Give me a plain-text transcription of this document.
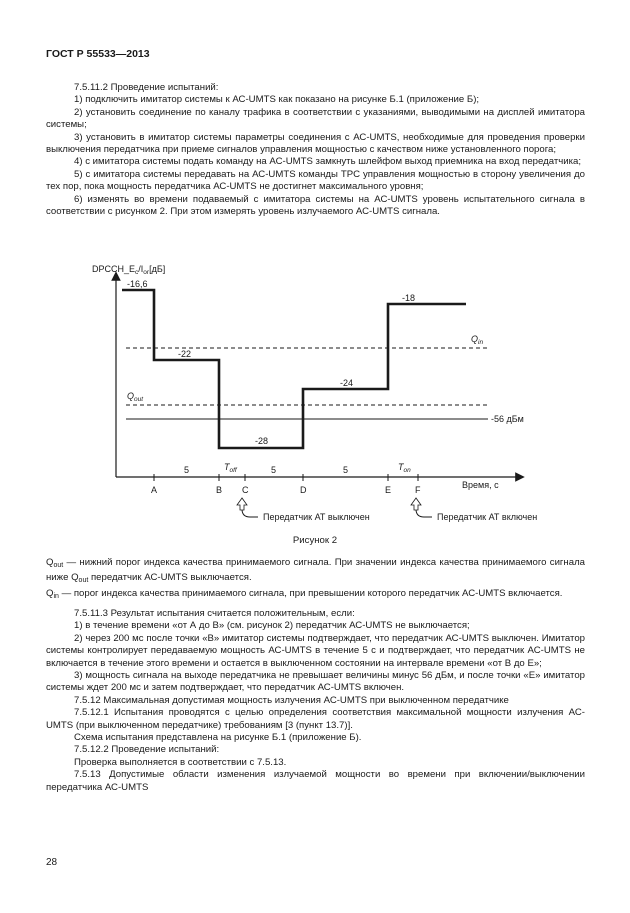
ГОСТ Р 55533—2013

7.5.11.2 Проведение испытаний:

1) подключить имитатор системы к АС-UMTS как показано на рисунке Б.1 (приложение Б);

2) установить соединение по каналу трафика в соответствии с указаниями, выводимыми на дисплей имитатора системы;

3) установить в имитатор системы параметры соединения с АС-UMTS, необходимые для проведения проверки выключения передатчика при приеме сигналов управления мощностью с качеством ниже установленного порога;

4) с имитатора системы подать команду на АС-UMTS замкнуть шлейфом выход приемника на вход передатчика;

5) с имитатора системы передавать на АС-UMTS команды TPC управления мощностью в сторону увеличения до тех пор, пока мощность передатчика АС-UMTS не достигнет максимального уровня;

6) изменять во времени подаваемый с имитатора системы на АС-UMTS уровень испытательного сигнала в соответствии с рисунком 2. При этом измерять уровень излучаемого АС-UMTS сигнала.

$DPCCH\_E_c/I_{or}[дБ]$
$Q_{in}$
$Q_{out}$
-56 дБм
-16,6
-22
-28
-24
-18
A	B C	D	E	F
5	5	5
$T_{off}$	$T_{on}$
Время, с
Передатчик АТ выключен	Передатчик АТ включен
Рисунок 2

$Q_{out}$ — нижний порог индекса качества принимаемого сигнала. При значении индекса качества принимаемого сигнала ниже $Q_{out}$ передатчик АС-UMTS выключается.

$Q_{in}$ — порог индекса качества принимаемого сигнала, при превышении которого передатчик АС-UMTS включается.

7.5.11.3 Результат испытания считается положительным, если:

1) в течение времени «от А до В» (см. рисунок 2) передатчик АС-UMTS не выключается;

2) через 200 мс после точки «В» имитатор системы подтверждает, что передатчик АС-UMTS выключен. Имитатор системы контролирует передаваемую мощность АС-UMTS в течение 5 с и подтверждает, что передатчик АС-UMTS не включается в течение этого времени и остается в выключенном состоянии на интервале времени «от В до Е»;

3) мощность сигнала на выходе передатчика не превышает величины минус 56 дБм, и после точки «Е» имитатор системы ждет 200 мс и затем подтверждает, что передатчик АС-UMTS включен.

7.5.12 Максимальная допустимая мощность излучения АС-UMTS при выключенном передатчике

7.5.12.1 Испытания проводятся с целью определения соответствия максимальной мощности излучения АС-UMTS (при выключенном передатчике) требованиям [3 (пункт 13.7)].

Схема испытания представлена на рисунке Б.1 (приложение Б).

7.5.12.2 Проведение испытаний:

Проверка выполняется в соответствии с 7.5.13.

7.5.13 Допустимые области изменения излучаемой мощности во времени при включении/выключении передатчика АС-UMTS

28
